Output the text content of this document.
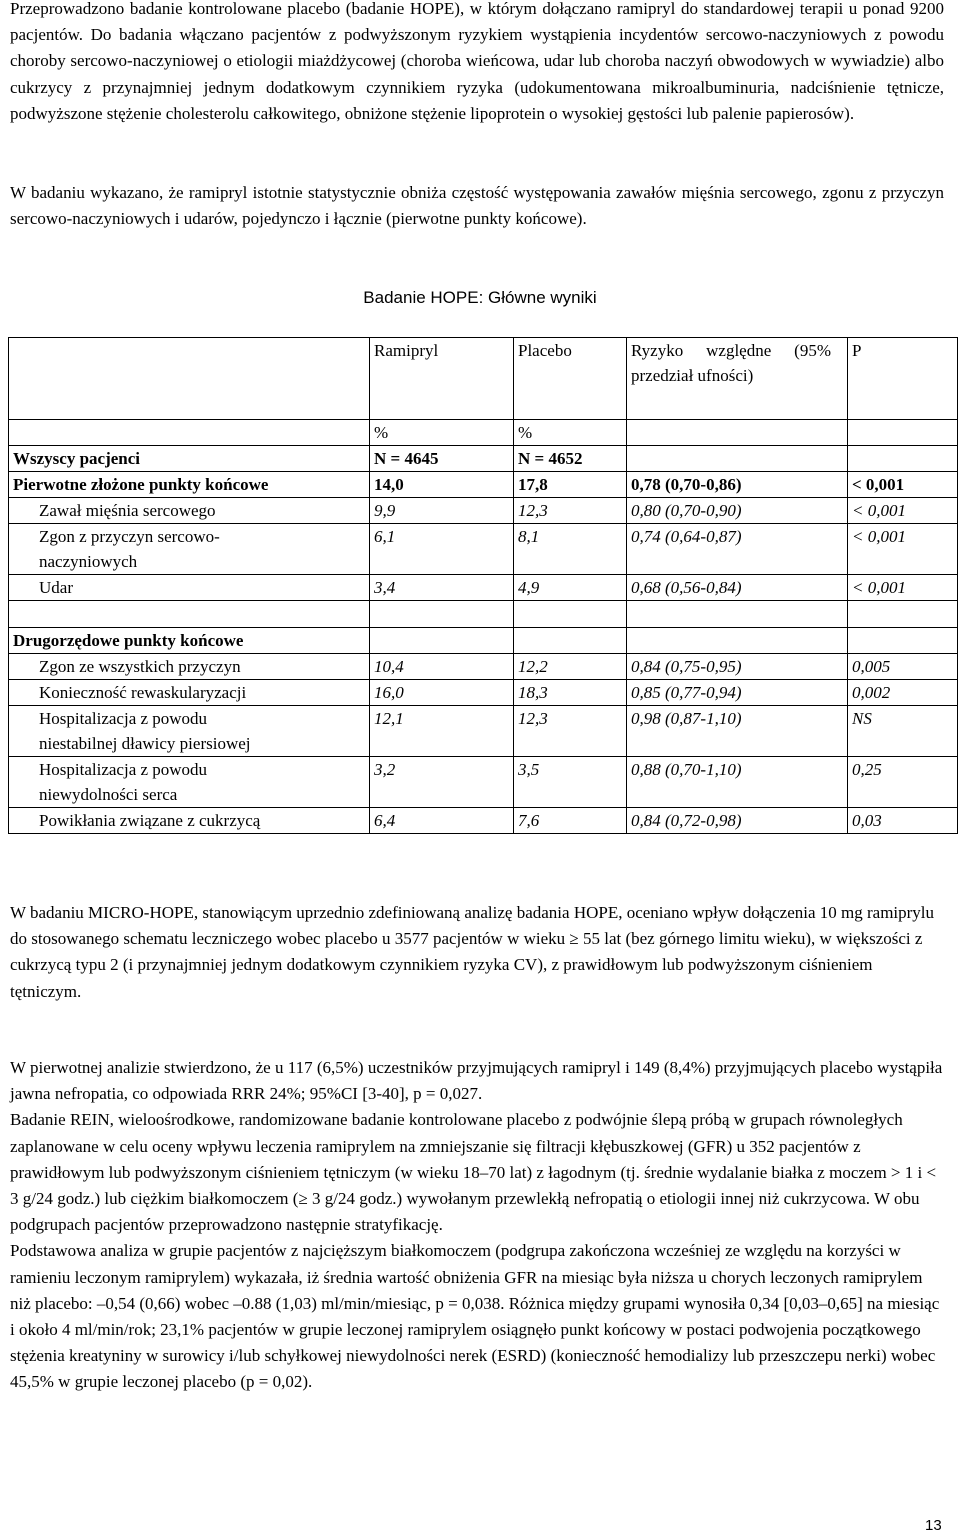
Przeprowadzono badanie kontrolowane placebo (badanie HOPE), w którym dołączano ramipryl do standardowej terapii u ponad 9200 pacjentów. Do badania włączano pacjentów z podwyższonym ryzykiem wystąpienia incydentów sercowo-naczyniowych z powodu choroby sercowo-naczyniowej o etiologii miażdżycowej (choroba wieńcowa, udar lub choroba naczyń obwodowych w wywiadzie) albo cukrzycy z przynajmniej jednym dodatkowym czynnikiem ryzyka (udokumentowana mikroalbuminuria, nadciśnienie tętnicze, podwyższone stężenie cholesterolu całkowitego, obniżone stężenie lipoprotein o wysokiej gęstości lub palenie papierosów).

W badaniu wykazano, że ramipryl istotnie statystycznie obniża częstość występowania zawałów mięśnia sercowego, zgonu z przyczyn sercowo-naczyniowych i udarów, pojedynczo i łącznie (pierwotne punkty końcowe).

Badanie HOPE: Główne wyniki
	Ramipryl	Placebo	Ryzyko względne (95% przedział ufności)	P
	%	%		
Wszyscy pacjenci	N = 4645	N = 4652		
Pierwotne złożone punkty końcowe	14,0	17,8	0,78 (0,70-0,86)	< 0,001
Zawał mięśnia sercowego	9,9	12,3	0,80 (0,70-0,90)	< 0,001
Zgon z przyczyn sercowo-naczyniowych	6,1	8,1	0,74 (0,64-0,87)	< 0,001
Udar	3,4	4,9	0,68 (0,56-0,84)	< 0,001

Drugorzędowe punkty końcowe				
Zgon ze wszystkich przyczyn	10,4	12,2	0,84 (0,75-0,95)	0,005
Konieczność rewaskularyzacji	16,0	18,3	0,85 (0,77-0,94)	0,002
Hospitalizacja z powodu niestabilnej dławicy piersiowej	12,1	12,3	0,98 (0,87-1,10)	NS
Hospitalizacja z powodu niewydolności serca	3,2	3,5	0,88 (0,70-1,10)	0,25
Powikłania związane z cukrzycą	6,4	7,6	0,84 (0,72-0,98)	0,03

W badaniu MICRO-HOPE, stanowiącym uprzednio zdefiniowaną analizę badania HOPE, oceniano wpływ dołączenia 10 mg ramiprylu do stosowanego schematu leczniczego wobec placebo u 3577 pacjentów w wieku ≥ 55 lat (bez górnego limitu wieku), w większości z cukrzycą typu 2 (i przynajmniej jednym dodatkowym czynnikiem ryzyka CV), z prawidłowym lub podwyższonym ciśnieniem tętniczym.

W pierwotnej analizie stwierdzono, że u 117 (6,5%) uczestników przyjmujących ramipryl i 149 (8,4%) przyjmujących placebo wystąpiła jawna nefropatia, co odpowiada RRR 24%; 95%CI [3-40], p = 0,027.
Badanie REIN, wieloośrodkowe, randomizowane badanie kontrolowane placebo z podwójnie ślepą próbą w grupach równoległych zaplanowane w celu oceny wpływu leczenia ramiprylem na zmniejszanie się filtracji kłębuszkowej (GFR) u 352 pacjentów z prawidłowym lub podwyższonym ciśnieniem tętniczym (w wieku 18–70 lat) z łagodnym (tj. średnie wydalanie białka z moczem > 1 i < 3 g/24 godz.) lub ciężkim białkomoczem (≥ 3 g/24 godz.) wywołanym przewlekłą nefropatią o etiologii innej niż cukrzycowa. W obu podgrupach pacjentów przeprowadzono następnie stratyfikację.
Podstawowa analiza w grupie pacjentów z najcięższym białkomoczem (podgrupa zakończona wcześniej ze względu na korzyści w ramieniu leczonym ramiprylem) wykazała, iż średnia wartość obniżenia GFR na miesiąc była niższa u chorych leczonych ramiprylem niż placebo: –0,54 (0,66) wobec –0.88 (1,03) ml/min/miesiąc, p = 0,038. Różnica między grupami wynosiła 0,34 [0,03–0,65] na miesiąc i około 4 ml/min/rok; 23,1% pacjentów w grupie leczonej ramiprylem osiągnęło punkt końcowy w postaci podwojenia początkowego stężenia kreatyniny w surowicy i/lub schyłkowej niewydolności nerek (ESRD) (konieczność hemodializy lub przeszczepu nerki) wobec 45,5% w grupie leczonej placebo (p = 0,02).
13
